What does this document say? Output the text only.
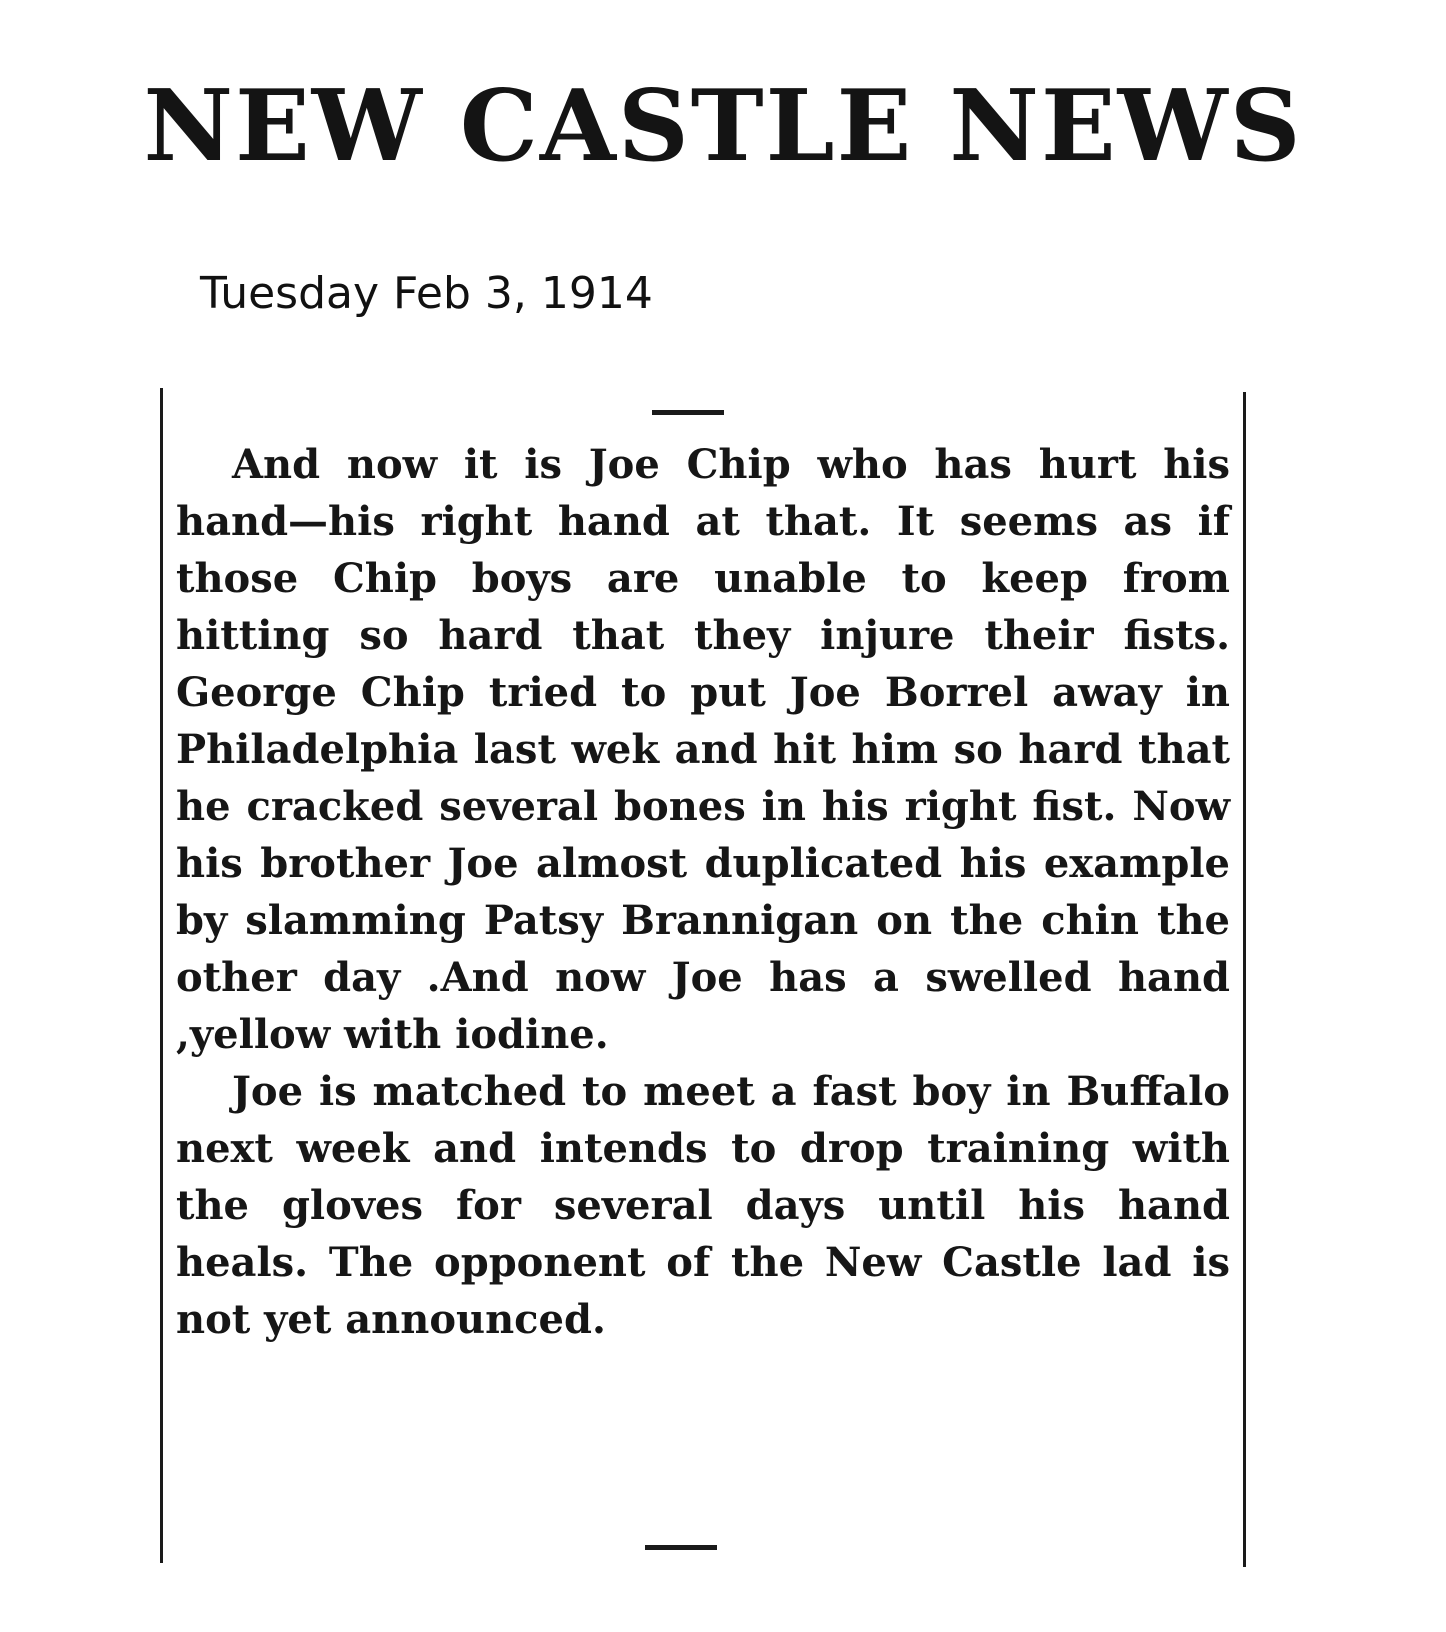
NEW CASTLE NEWS
Tuesday Feb 3, 1914

And now it is Joe Chip who has hurt his hand—his right hand at that. It seems as if those Chip boys are unable to keep from hitting so hard that they injure their fists. George Chip tried to put Joe Borrel away in Philadelphia last wek and hit him so hard that he cracked several bones in his right fist. Now his brother Joe almost duplicated his example by slamming Patsy Brannigan on the chin the other day .And now Joe has a swelled hand ,yellow with iodine.

Joe is matched to meet a fast boy in Buffalo next week and intends to drop training with the gloves for several days until his hand heals. The opponent of the New Castle lad is not yet announced.
